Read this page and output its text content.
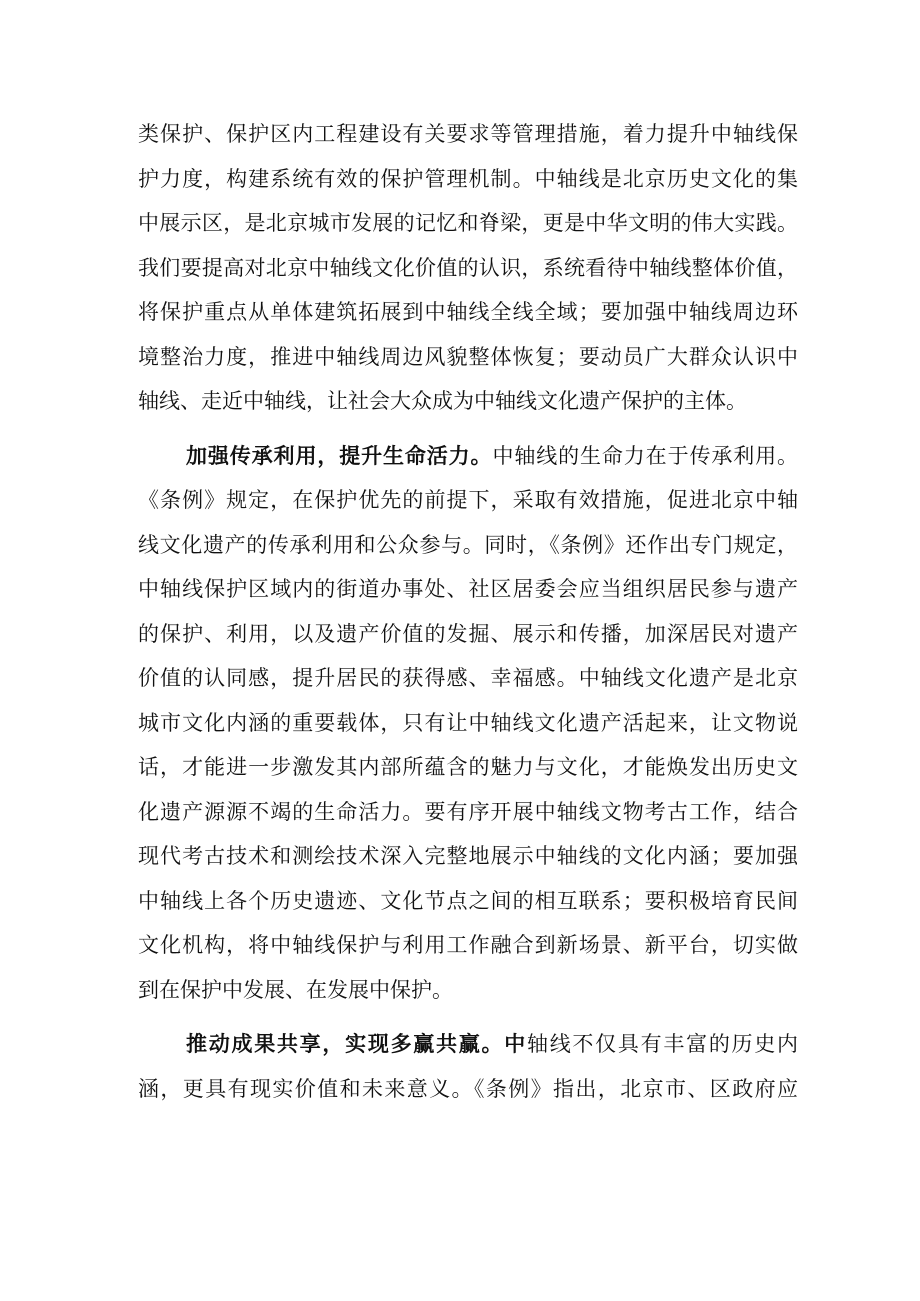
类保护、保护区内工程建设有关要求等管理措施，着力提升中轴线保
护力度，构建系统有效的保护管理机制。中轴线是北京历史文化的集
中展示区，是北京城市发展的记忆和脊梁，更是中华文明的伟大实践。
我们要提高对北京中轴线文化价值的认识，系统看待中轴线整体价值，
将保护重点从单体建筑拓展到中轴线全线全域；要加强中轴线周边环
境整治力度，推进中轴线周边风貌整体恢复；要动员广大群众认识中
轴线、走近中轴线，让社会大众成为中轴线文化遗产保护的主体。
加强传承利用，提升生命活力。中轴线的生命力在于传承利用。
《条例》规定，在保护优先的前提下，采取有效措施，促进北京中轴
线文化遗产的传承利用和公众参与。同时，《条例》还作出专门规定，
中轴线保护区域内的街道办事处、社区居委会应当组织居民参与遗产
的保护、利用，以及遗产价值的发掘、展示和传播，加深居民对遗产
价值的认同感，提升居民的获得感、幸福感。中轴线文化遗产是北京
城市文化内涵的重要载体，只有让中轴线文化遗产活起来，让文物说
话，才能进一步激发其内部所蕴含的魅力与文化，才能焕发出历史文
化遗产源源不竭的生命活力。要有序开展中轴线文物考古工作，结合
现代考古技术和测绘技术深入完整地展示中轴线的文化内涵；要加强
中轴线上各个历史遗迹、文化节点之间的相互联系；要积极培育民间
文化机构，将中轴线保护与利用工作融合到新场景、新平台，切实做
到在保护中发展、在发展中保护。
推动成果共享，实现多赢共赢。中轴线不仅具有丰富的历史内
涵，更具有现实价值和未来意义。《条例》指出，北京市、区政府应
